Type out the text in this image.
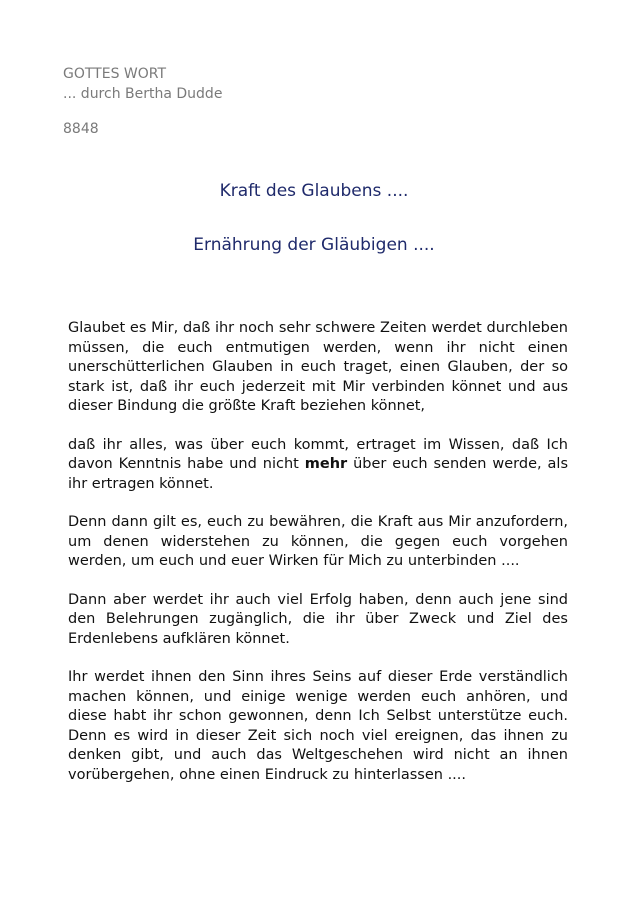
GOTTES WORT
... durch Bertha Dudde
8848
Kraft des Glaubens ....
Ernährung der Gläubigen ....

Glaubet es Mir, daß ihr noch sehr schwere Zeiten werdet durchleben müssen, die euch entmutigen werden, wenn ihr nicht einen unerschütterlichen Glauben in euch traget, einen Glauben, der so stark ist, daß ihr euch jederzeit mit Mir verbinden könnet und aus dieser Bindung die größte Kraft beziehen könnet,

daß ihr alles, was über euch kommt, ertraget im Wissen, daß Ich davon Kenntnis habe und nicht mehr über euch senden werde, als ihr ertragen könnet.

Denn dann gilt es, euch zu bewähren, die Kraft aus Mir anzufordern, um denen widerstehen zu können, die gegen euch vorgehen werden, um euch und euer Wirken für Mich zu unterbinden ....

Dann aber werdet ihr auch viel Erfolg haben, denn auch jene sind den Belehrungen zugänglich, die ihr über Zweck und Ziel des Erdenlebens aufklären könnet.

Ihr werdet ihnen den Sinn ihres Seins auf dieser Erde verständlich machen können, und einige wenige werden euch anhören, und diese habt ihr schon gewonnen, denn Ich Selbst unterstütze euch. Denn es wird in dieser Zeit sich noch viel ereignen, das ihnen zu denken gibt, und auch das Weltgeschehen wird nicht an ihnen vorübergehen, ohne einen Eindruck zu hinterlassen ....
